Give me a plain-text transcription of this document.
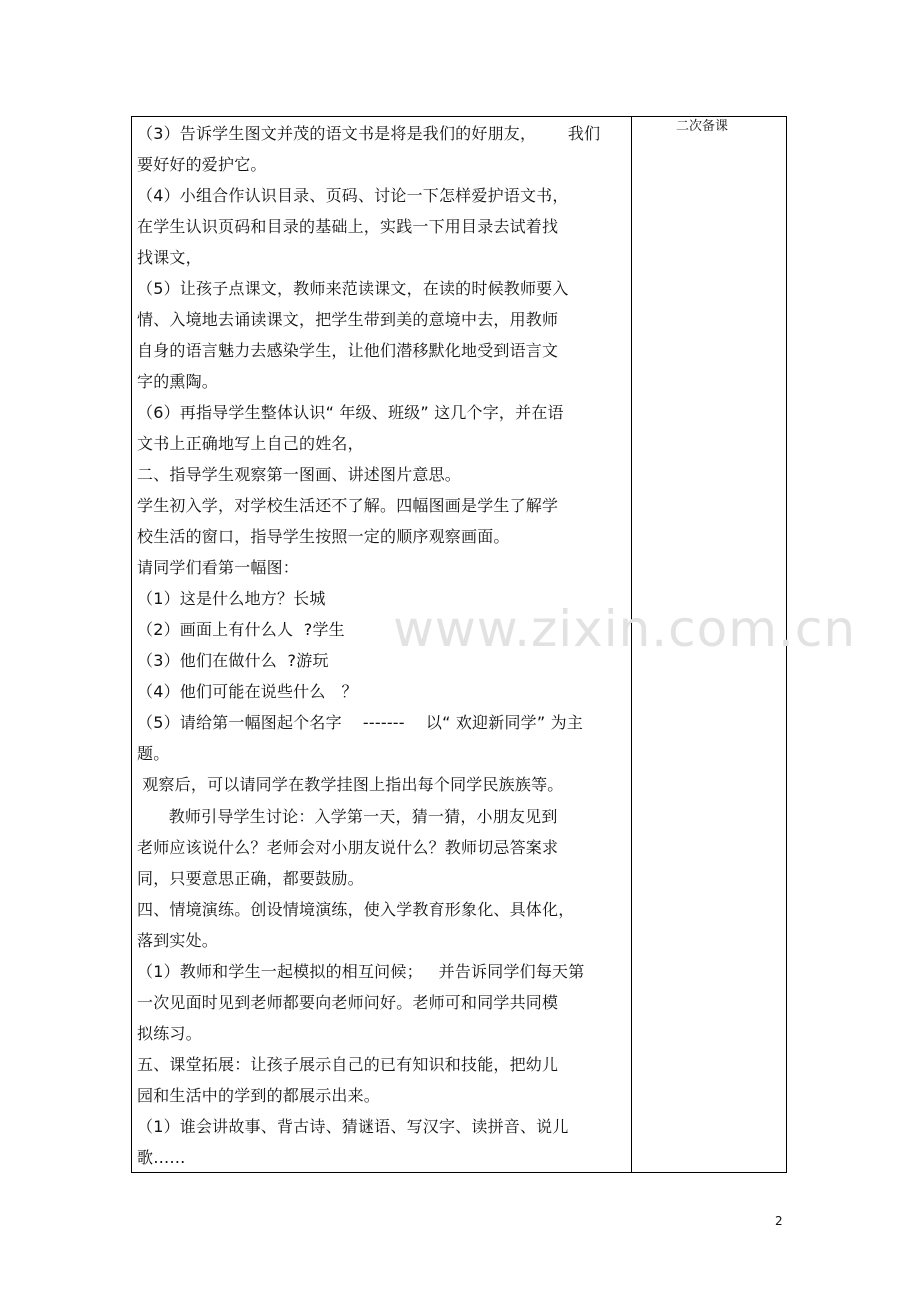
二次备课
www.zixin.com.cn
（3）告诉学生图文并茂的语文书是将是我们的好朋友，      我们
要好好的爱护它。
（4）小组合作认识目录、页码、讨论一下怎样爱护语文书，
在学生认识页码和目录的基础上，实践一下用目录去试着找
找课文，
（5）让孩子点课文，教师来范读课文，在读的时候教师要入
情、入境地去诵读课文，把学生带到美的意境中去，用教师
自身的语言魅力去感染学生，让他们潜移默化地受到语言文
字的熏陶。
（6）再指导学生整体认识“ 年级、班级” 这几个字，并在语
文书上正确地写上自己的姓名，
二、指导学生观察第一图画、讲述图片意思。
学生初入学，对学校生活还不了解。四幅图画是学生了解学
校生活的窗口，指导学生按照一定的顺序观察画面。
请同学们看第一幅图：
（1）这是什么地方？长城
（2）画面上有什么人  ?学生
（3）他们在做什么  ?游玩
（4）他们可能在说些什么   ？
（5）请给第一幅图起个名字    -------    以“ 欢迎新同学” 为主
题。
观察后，可以请同学在教学挂图上指出每个同学民族族等。
教师引导学生讨论：入学第一天，猜一猜，小朋友见到
老师应该说什么？老师会对小朋友说什么？教师切忌答案求
同，只要意思正确，都要鼓励。
四、情境演练。创设情境演练，使入学教育形象化、具体化，
落到实处。
（1）教师和学生一起模拟的相互问候；   并告诉同学们每天第
一次见面时见到老师都要向老师问好。老师可和同学共同模
拟练习。
五、课堂拓展：让孩子展示自己的已有知识和技能，把幼儿
园和生活中的学到的都展示出来。
（1）谁会讲故事、背古诗、猜谜语、写汉字、读拼音、说儿
歌……
2
